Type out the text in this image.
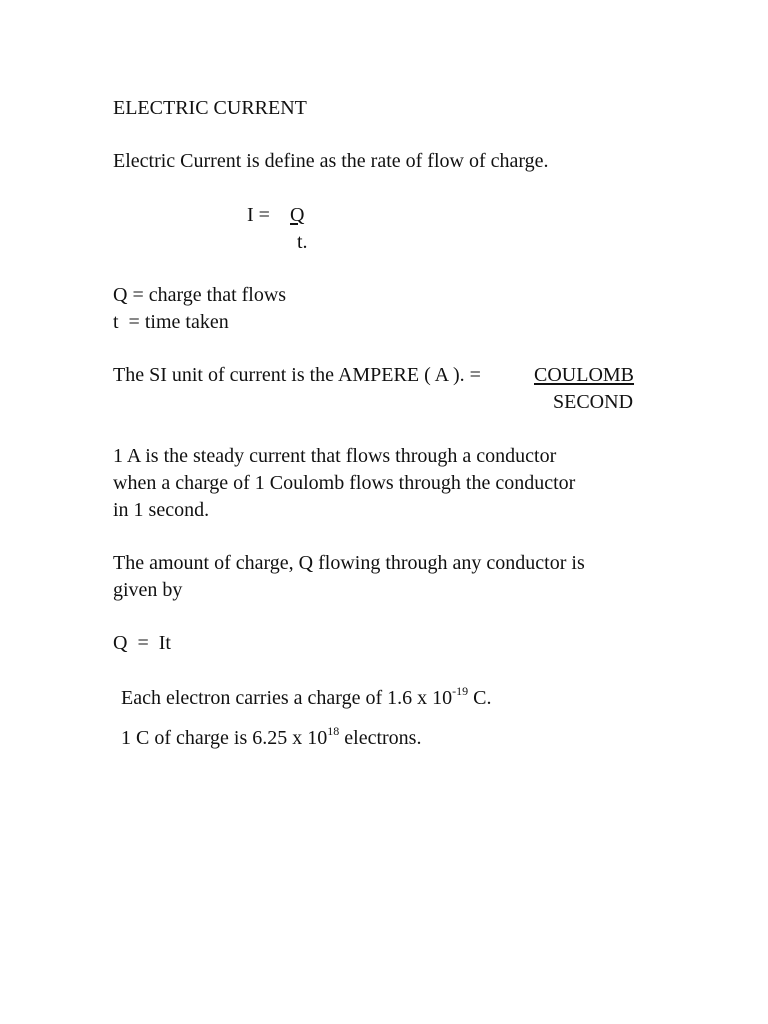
ELECTRIC CURRENT
Electric Current is define as the rate of flow of charge.
I = Q
t.
Q = charge that flows
t  = time taken
The SI unit of current is the AMPERE ( A ). =	COULOMB
SECOND
1 A is the steady current that flows through a conductor
when a charge of 1 Coulomb flows through the conductor
in 1 second.
The amount of charge, Q flowing through any conductor is
given by
Q  =  It
Each electron carries a charge of 1.6 x $10^{-19}$ C.
1 C of charge is 6.25 x $10^{18}$ electrons.
